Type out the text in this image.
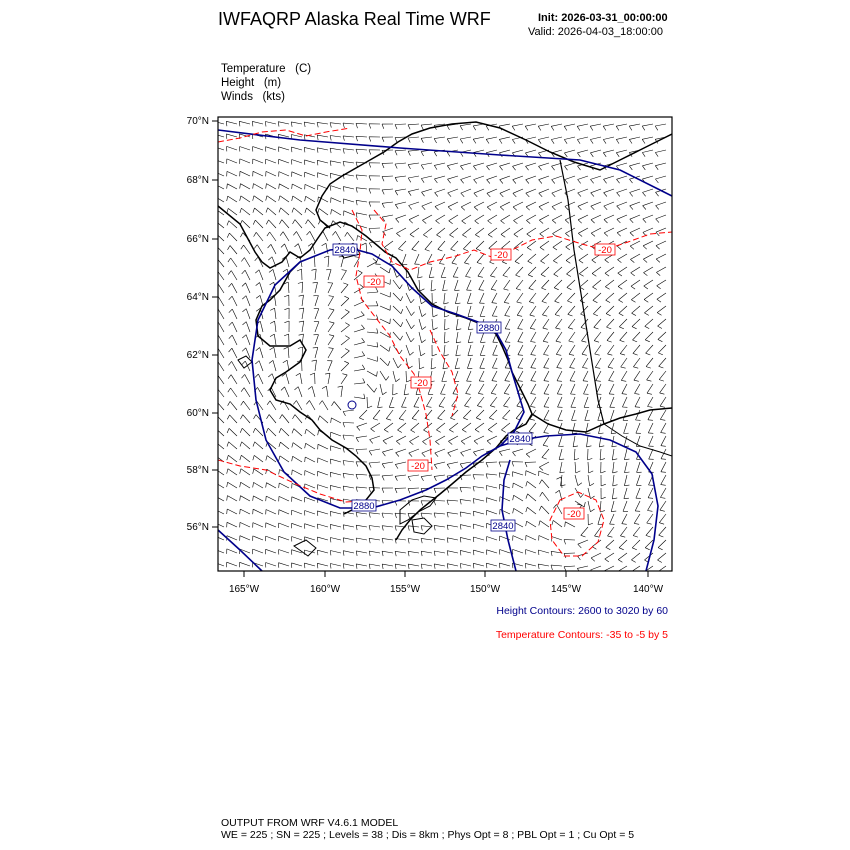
IWFAQRP Alaska Real Time WRF	Init: 2026-03-31_00:00:00
Valid: 2026-04-03_18:00:00
Temperature (C)
Height (m)
Winds (kts)
2840
2880
2840
2880
2840
-20
-20	-20
-20
-20
-20
70°N
68°N
66°N
64°N
62°N
60°N
58°N
56°N
165°W	160°W	155°W	150°W	145°W	140°W
Height Contours: 2600 to 3020 by 60
Temperature Contours: -35 to -5 by 5
OUTPUT FROM WRF V4.6.1 MODEL
WE = 225 ; SN = 225 ; Levels = 38 ; Dis = 8km ; Phys Opt = 8 ; PBL Opt = 1 ; Cu Opt = 5
